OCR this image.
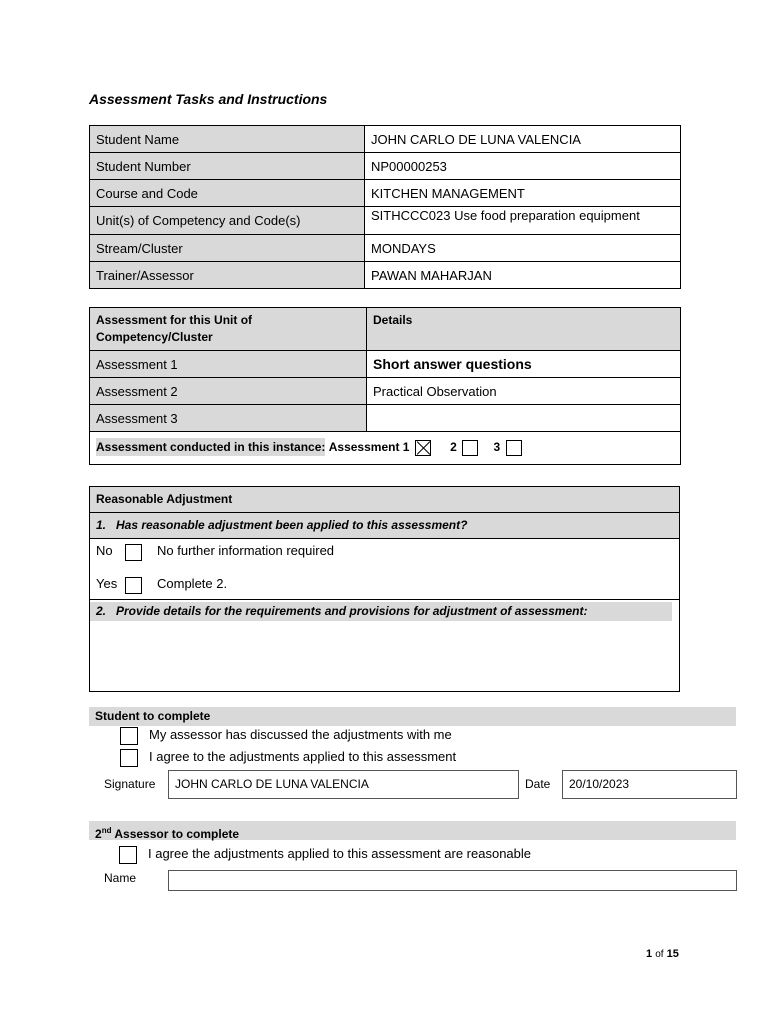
Assessment Tasks and Instructions
Student Name	JOHN CARLO DE LUNA VALENCIA
Student Number	NP00000253
Course and Code	KITCHEN MANAGEMENT
Unit(s) of Competency and Code(s)	SITHCCC023 Use food preparation equipment
Stream/Cluster	MONDAYS
Trainer/Assessor	PAWAN MAHARJAN
Assessment for this Unit of Competency/Cluster	Details
Assessment 1	Short answer questions
Assessment 2	Practical Observation
Assessment 3	
Assessment conducted in this instance: Assessment 1 2 3	
Reasonable Adjustment
1.   Has reasonable adjustment been applied to this assessment?
No	No further information required
Yes	Complete 2.
2.   Provide details for the requirements and provisions for adjustment of assessment:
Student to complete
My assessor has discussed the adjustments with me
I agree to the adjustments applied to this assessment
Signature	JOHN CARLO DE LUNA VALENCIA	Date	20/10/2023
2nd Assessor to complete
I agree the adjustments applied to this assessment are reasonable
Name
1 of 15
